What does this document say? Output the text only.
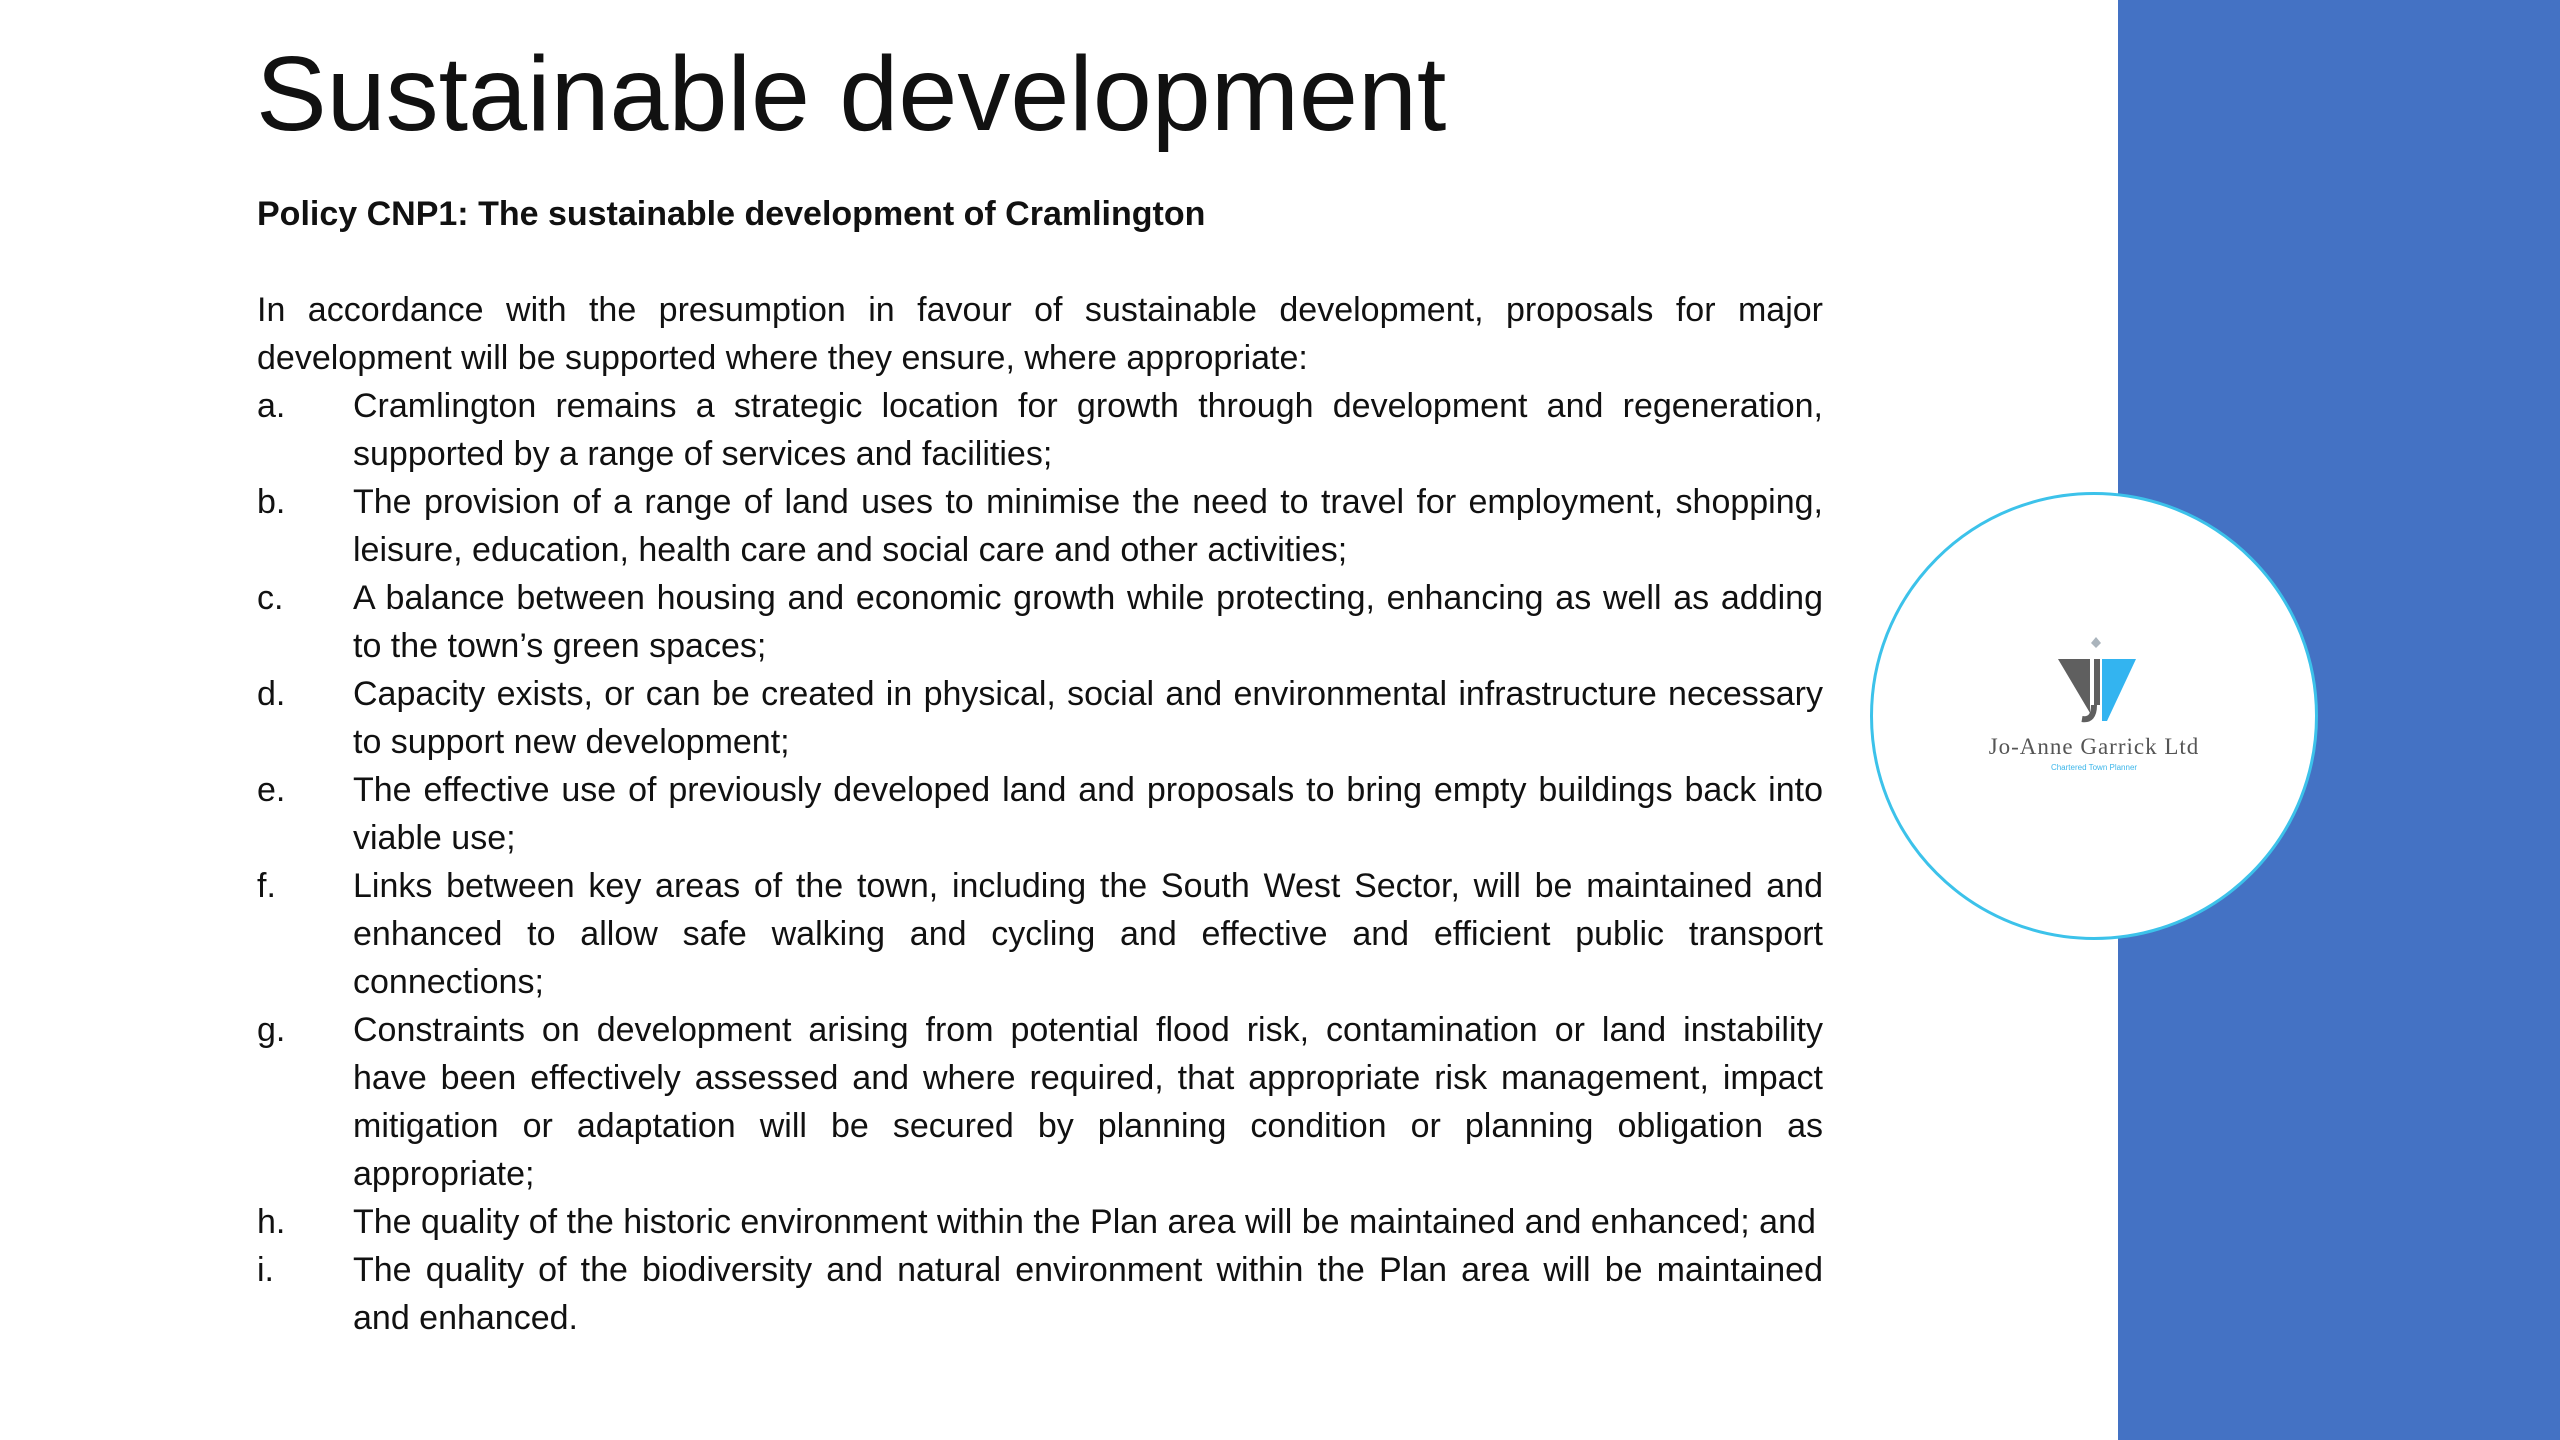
Sustainable development

Policy CNP1: The sustainable development of Cramlington

In accordance with the presumption in favour of sustainable development, proposals for major development will be supported where they ensure, where appropriate:

a.	Cramlington remains a strategic location for growth through development and regeneration, supported by a range of services and facilities;
b.	The provision of a range of land uses to minimise the need to travel for employment, shopping, leisure, education, health care and social care and other activities;
c.	A balance between housing and economic growth while protecting, enhancing as well as adding to the town’s green spaces;
d.	Capacity exists, or can be created in physical, social and environmental infrastructure necessary to support new development;
e.	The effective use of previously developed land and proposals to bring empty buildings back into viable use;
f.	Links between key areas of the town, including the South West Sector, will be maintained and enhanced to allow safe walking and cycling and effective and efficient public transport connections;
g.	Constraints on development arising from potential flood risk, contamination or land instability have been effectively assessed and where required, that appropriate risk management, impact mitigation or adaptation will be secured by planning condition or planning obligation as appropriate;
h.	The quality of the historic environment within the Plan area will be maintained and enhanced; and
i.	The quality of the biodiversity and natural environment within the Plan area will be maintained and enhanced.
Jo-Anne Garrick Ltd
Chartered Town Planner
